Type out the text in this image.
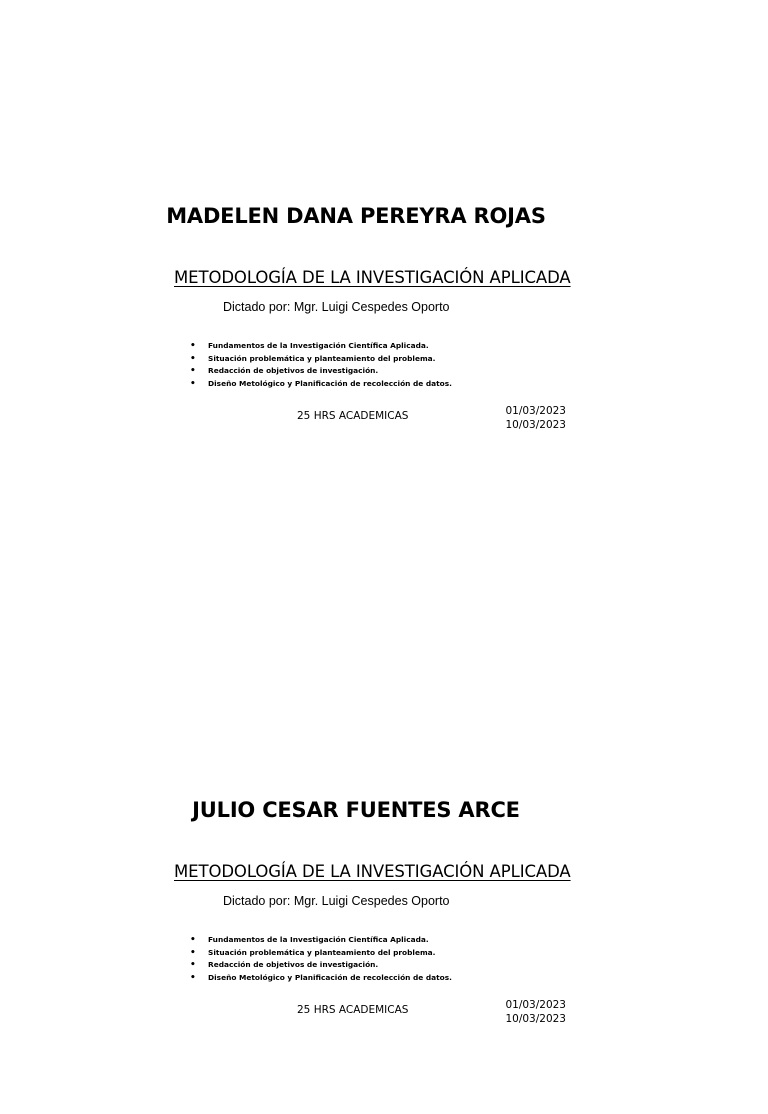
MADELEN DANA PEREYRA ROJAS
METODOLOGÍA DE LA INVESTIGACIÓN APLICADA
Dictado por: Mgr. Luigi Cespedes Oporto
• Fundamentos de la Investigación Científica Aplicada.
• Situación problemática y planteamiento del problema.
• Redacción de objetivos de investigación.
• Diseño Metológico y Planificación de recolección de datos.
25 HRS ACADEMICAS	01/03/2023
10/03/2023
JULIO CESAR FUENTES ARCE
METODOLOGÍA DE LA INVESTIGACIÓN APLICADA
Dictado por: Mgr. Luigi Cespedes Oporto
• Fundamentos de la Investigación Científica Aplicada.
• Situación problemática y planteamiento del problema.
• Redacción de objetivos de investigación.
• Diseño Metológico y Planificación de recolección de datos.
25 HRS ACADEMICAS	01/03/2023
10/03/2023
